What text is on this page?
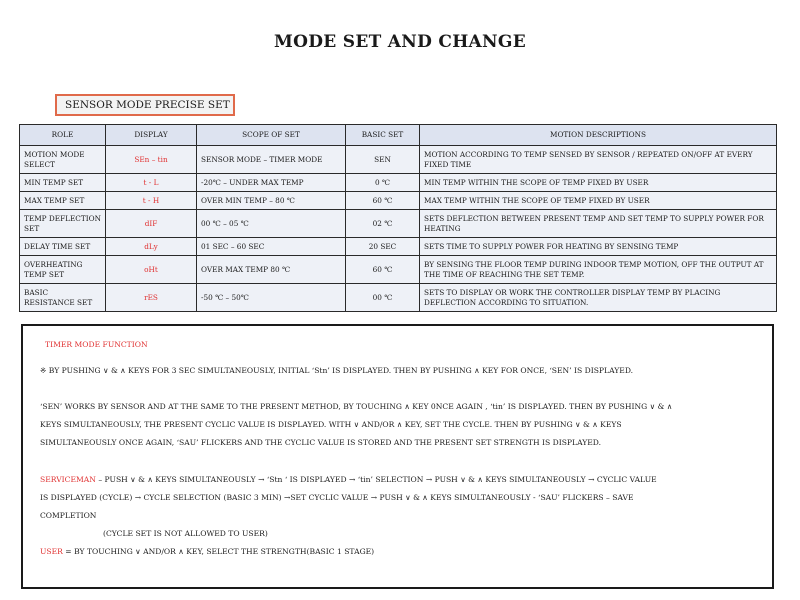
MODE SET AND CHANGE
SENSOR MODE PRECISE SET
ROLE	DISPLAY	SCOPE OF SET	BASIC SET	MOTION DESCRIPTIONS
MOTION MODE SELECT	SEn – tin	SENSOR MODE – TIMER MODE	SEN	MOTION ACCORDING TO TEMP SENSED BY SENSOR / REPEATED ON/OFF AT EVERY FIXED TIME
MIN TEMP SET	t - L	-20℃ – UNDER MAX TEMP	0 ℃	MIN TEMP WITHIN THE SCOPE OF TEMP FIXED BY USER
MAX TEMP SET	t - H	OVER MIN TEMP – 80 ℃	60 ℃	MAX TEMP WITHIN THE SCOPE OF TEMP FIXED BY USER
TEMP DEFLECTION SET	dIF	00 ℃ – 05 ℃	02 ℃	SETS DEFLECTION BETWEEN PRESENT TEMP AND SET TEMP TO SUPPLY POWER FOR HEATING
DELAY TIME SET	dLy	01 SEC – 60 SEC	20 SEC	SETS TIME TO SUPPLY POWER FOR HEATING BY SENSING TEMP
OVERHEATING TEMP SET	oHt	OVER MAX TEMP 80 ℃	60 ℃	BY SENSING THE FLOOR TEMP DURING INDOOR TEMP MOTION, OFF THE OUTPUT AT THE TIME OF REACHING THE SET TEMP.
BASIC RESISTANCE SET	rES	-50 ℃ – 50℃	00 ℃	SETS TO DISPLAY OR WORK THE CONTROLLER DISPLAY TEMP BY PLACING DEFLECTION ACCORDING TO SITUATION.
TIMER MODE FUNCTION
※ BY PUSHING ∨ & ∧ KEYS FOR 3 SEC SIMULTANEOUSLY, INITIAL ‘Stn’ IS DISPLAYED. THEN BY PUSHING ∧ KEY FOR ONCE, ‘SEN’ IS DISPLAYED.
‘SEN’ WORKS BY SENSOR AND AT THE SAME TO THE PRESENT METHOD, BY TOUCHING ∧ KEY 0NCE AGAIN , ‘tin’ IS DISPLAYED. THEN BY PUSHING ∨ & ∧
KEYS SIMULTANEOUSLY, THE PRESENT CYCLIC VALUE IS DISPLAYED. WITH ∨ AND/OR ∧ KEY, SET THE CYCLE. THEN BY PUSHING ∨ & ∧ KEYS
SIMULTANEOUSLY ONCE AGAIN, ‘SAU’ FLICKERS AND THE CYCLIC VALUE IS STORED AND THE PRESENT SET STRENGTH IS DISPLAYED.
SERVICEMAN – PUSH ∨ & ∧ KEYS SIMULTANEOUSLY → ‘Stn ‘ IS DISPLAYED → ‘tin’ SELECTION → PUSH ∨ & ∧ KEYS SIMULTANEOUSLY → CYCLIC VALUE
IS DISPLAYED (CYCLE) → CYCLE SELECTION (BASIC 3 MIN) →SET CYCLIC VALUE → PUSH ∨ & ∧ KEYS SIMULTANEOUSLY - ‘SAU’ FLICKERS – SAVE
COMPLETION
(CYCLE SET IS NOT ALLOWED TO USER)
USER = BY TOUCHING ∨ AND/OR ∧ KEY, SELECT THE STRENGTH(BASIC 1 STAGE)
